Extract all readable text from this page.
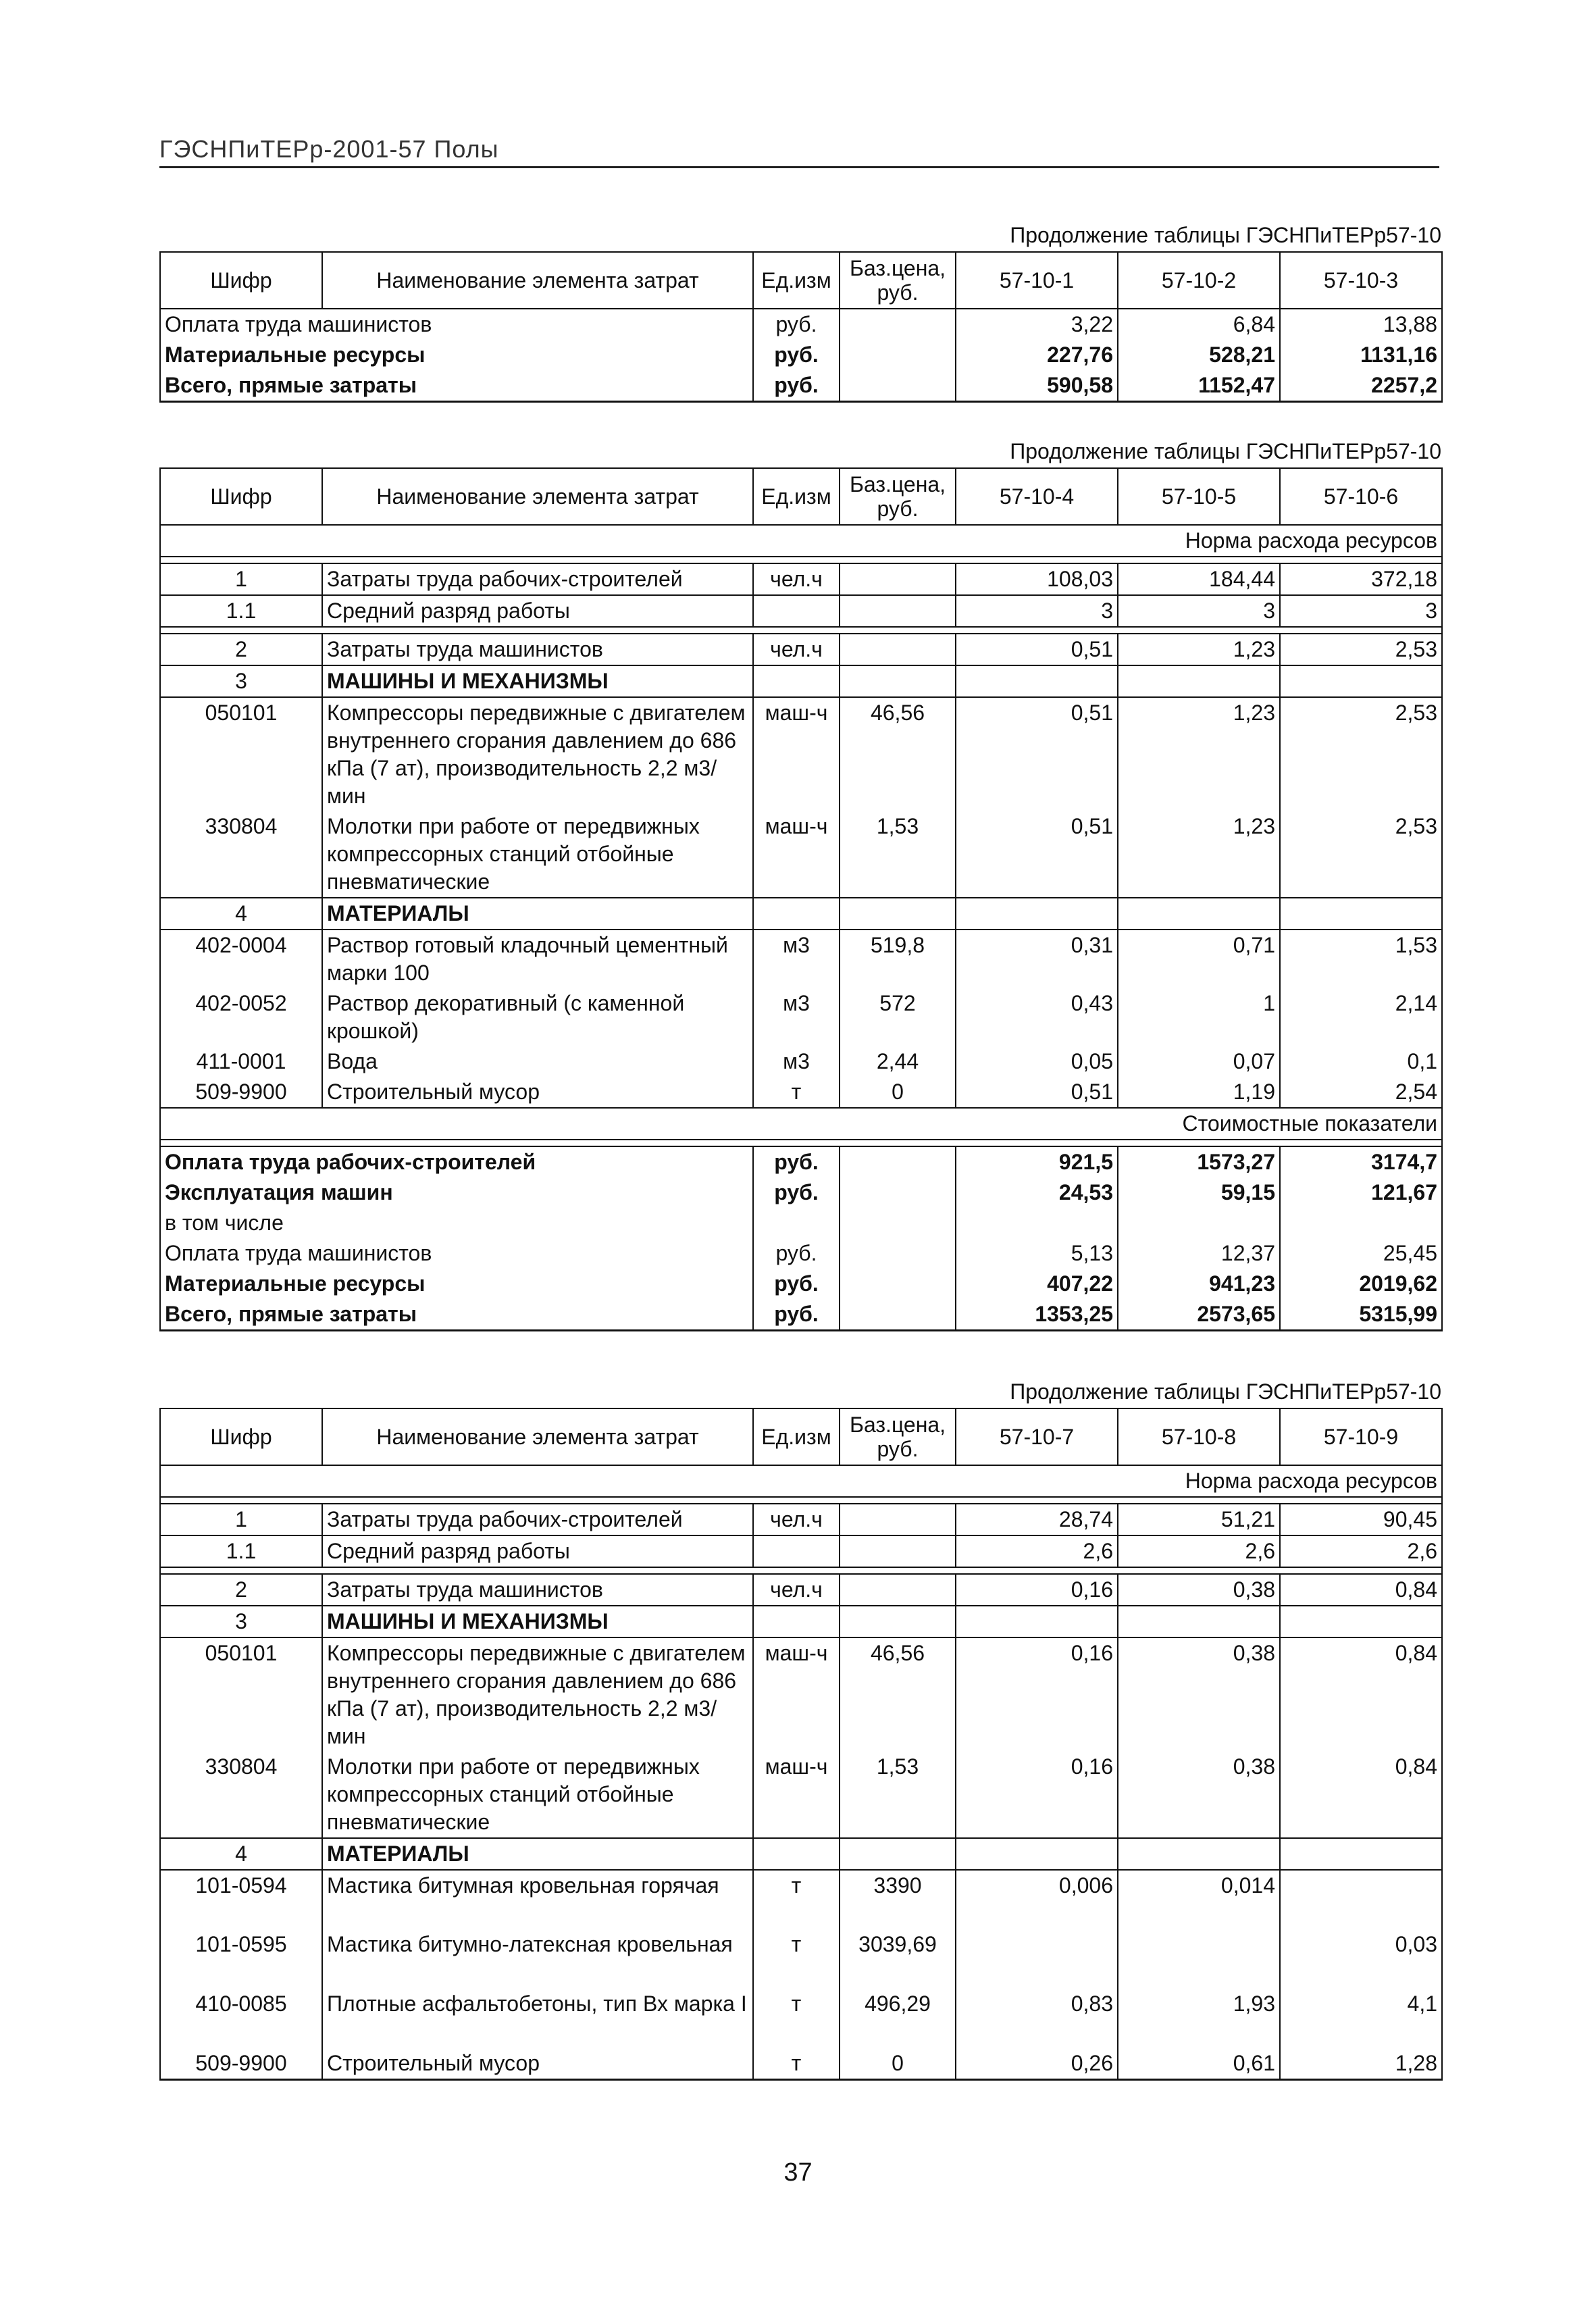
ГЭСНПиТЕРр-2001-57 Полы
Продолжение таблицы ГЭСНПиТЕРр57-10
Шифр	Наименование элемента затрат	Ед.изм	Баз.цена, руб.	57-10-1	57-10-2	57-10-3
Оплата труда машинистов		руб.		3,22	6,84	13,88
Материальные ресурсы		руб.		227,76	528,21	1131,16
Всего, прямые затраты		руб.		590,58	1152,47	2257,2
Продолжение таблицы ГЭСНПиТЕРр57-10
Шифр	Наименование элемента затрат	Ед.изм	Баз.цена, руб.	57-10-4	57-10-5	57-10-6
Норма расхода ресурсов						

1	Затраты труда рабочих-строителей	чел.ч		108,03	184,44	372,18
1.1	Средний разряд работы			3	3	3

2	Затраты труда машинистов	чел.ч		0,51	1,23	2,53
3	МАШИНЫ И МЕХАНИЗМЫ					
050101	Компрессоры передвижные с двигателем внутреннего сгорания давлением до 686 кПа (7 ат), производительность 2,2 м3/мин	маш-ч	46,56	0,51	1,23	2,53
330804	Молотки при работе от передвижных компрессорных станций отбойные пневматические	маш-ч	1,53	0,51	1,23	2,53
4	МАТЕРИАЛЫ					
402-0004	Раствор готовый кладочный цементный марки 100	м3	519,8	0,31	0,71	1,53
402-0052	Раствор декоративный (с каменной крошкой)	м3	572	0,43	1	2,14
411-0001	Вода	м3	2,44	0,05	0,07	0,1
509-9900	Строительный мусор	т	0	0,51	1,19	2,54
Стоимостные показатели						

Оплата труда рабочих-строителей		руб.		921,5	1573,27	3174,7
Эксплуатация машин		руб.		24,53	59,15	121,67
в том числе						
Оплата труда машинистов		руб.		5,13	12,37	25,45
Материальные ресурсы		руб.		407,22	941,23	2019,62
Всего, прямые затраты		руб.		1353,25	2573,65	5315,99
Продолжение таблицы ГЭСНПиТЕРр57-10
Шифр	Наименование элемента затрат	Ед.изм	Баз.цена, руб.	57-10-7	57-10-8	57-10-9
Норма расхода ресурсов						

1	Затраты труда рабочих-строителей	чел.ч		28,74	51,21	90,45
1.1	Средний разряд работы			2,6	2,6	2,6

2	Затраты труда машинистов	чел.ч		0,16	0,38	0,84
3	МАШИНЫ И МЕХАНИЗМЫ					
050101	Компрессоры передвижные с двигателем внутреннего сгорания давлением до 686 кПа (7 ат), производительность 2,2 м3/мин	маш-ч	46,56	0,16	0,38	0,84
330804	Молотки при работе от передвижных компрессорных станций отбойные пневматические	маш-ч	1,53	0,16	0,38	0,84
4	МАТЕРИАЛЫ					
101-0594	Мастика битумная кровельная горячая	т	3390	0,006	0,014	
101-0595	Мастика битумно-латексная кровельная	т	3039,69			0,03
410-0085	Плотные асфальтобетоны, тип Вх марка I	т	496,29	0,83	1,93	4,1
509-9900	Строительный мусор	т	0	0,26	0,61	1,28
37
